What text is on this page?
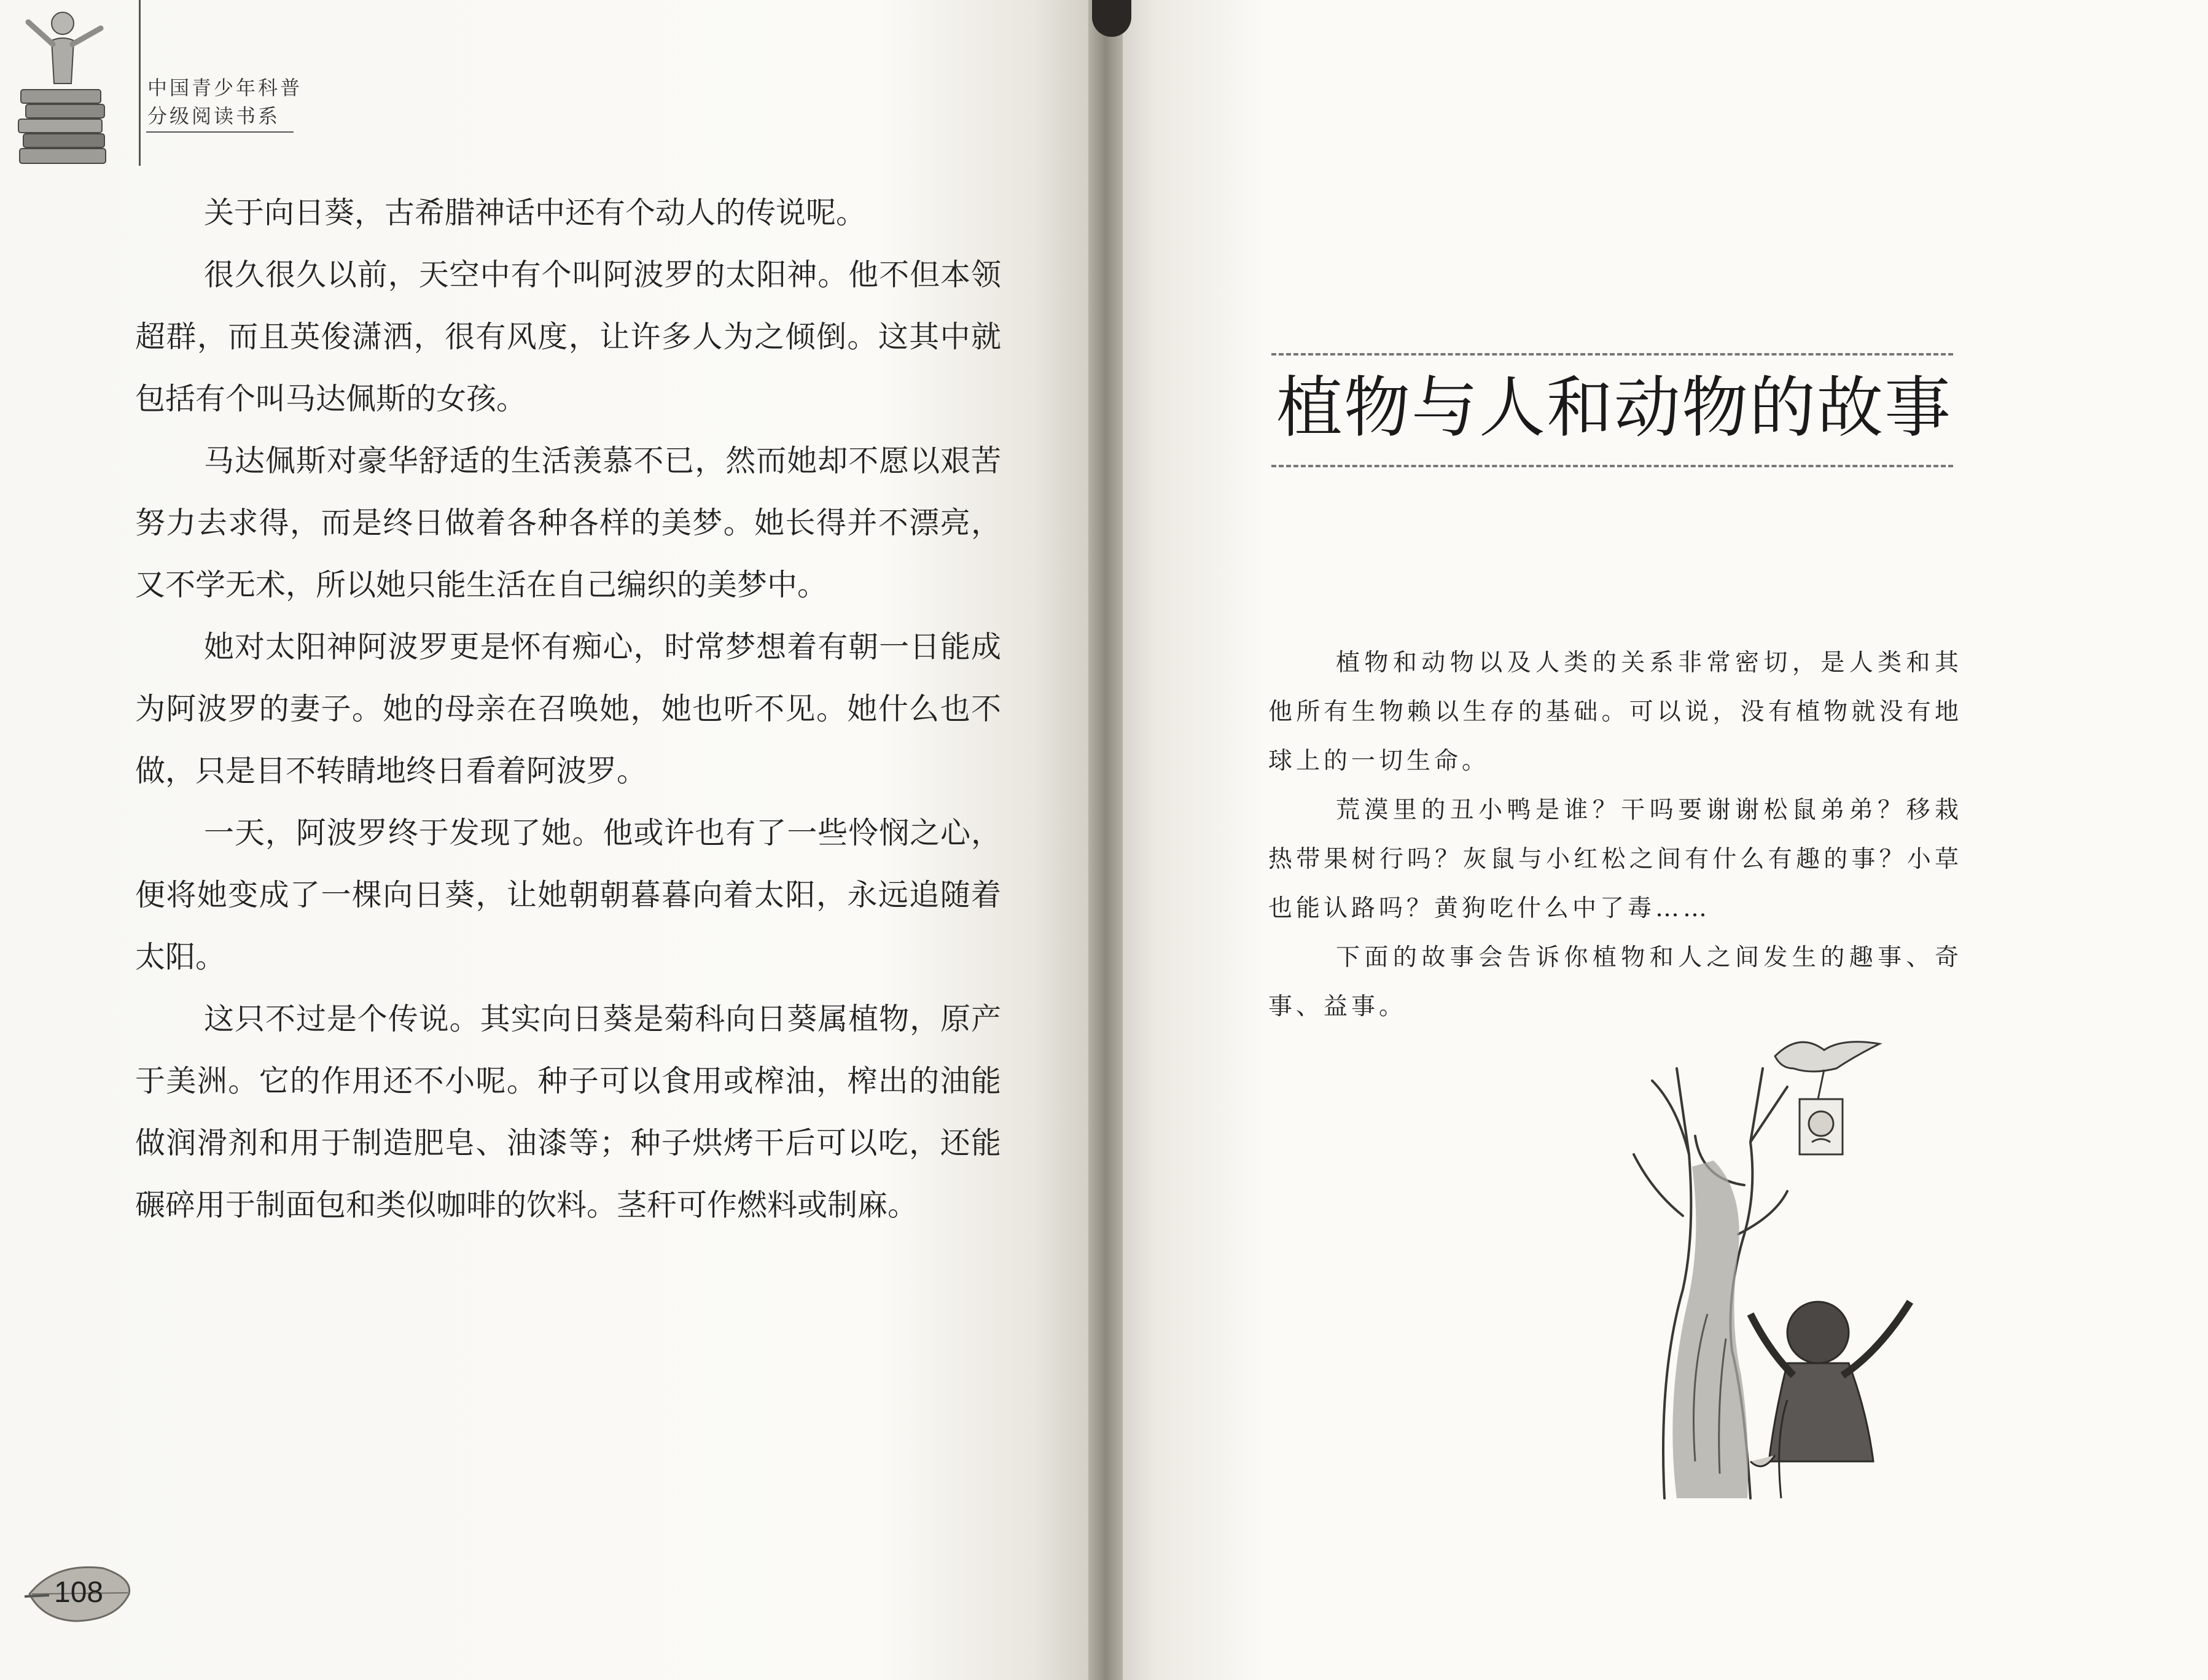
中国青少年科普
分级阅读书系

关于向日葵，古希腊神话中还有个动人的传说呢。

很久很久以前，天空中有个叫阿波罗的太阳神。他不但本领超群，而且英俊潇洒，很有风度，让许多人为之倾倒。这其中就包括有个叫马达佩斯的女孩。

马达佩斯对豪华舒适的生活羡慕不已，然而她却不愿以艰苦努力去求得，而是终日做着各种各样的美梦。她长得并不漂亮，又不学无术，所以她只能生活在自己编织的美梦中。

她对太阳神阿波罗更是怀有痴心，时常梦想着有朝一日能成为阿波罗的妻子。她的母亲在召唤她，她也听不见。她什么也不做，只是目不转睛地终日看着阿波罗。

一天，阿波罗终于发现了她。他或许也有了一些怜悯之心，便将她变成了一棵向日葵，让她朝朝暮暮向着太阳，永远追随着太阳。

这只不过是个传说。其实向日葵是菊科向日葵属植物，原产于美洲。它的作用还不小呢。种子可以食用或榨油，榨出的油能做润滑剂和用于制造肥皂、油漆等；种子烘烤干后可以吃，还能碾碎用于制面包和类似咖啡的饮料。茎秆可作燃料或制麻。

108
植物与人和动物的故事

植物和动物以及人类的关系非常密切，是人类和其他所有生物赖以生存的基础。可以说，没有植物就没有地球上的一切生命。

荒漠里的丑小鸭是谁？干吗要谢谢松鼠弟弟？移栽热带果树行吗？灰鼠与小红松之间有什么有趣的事？小草也能认路吗？黄狗吃什么中了毒……

下面的故事会告诉你植物和人之间发生的趣事、奇事、益事。
